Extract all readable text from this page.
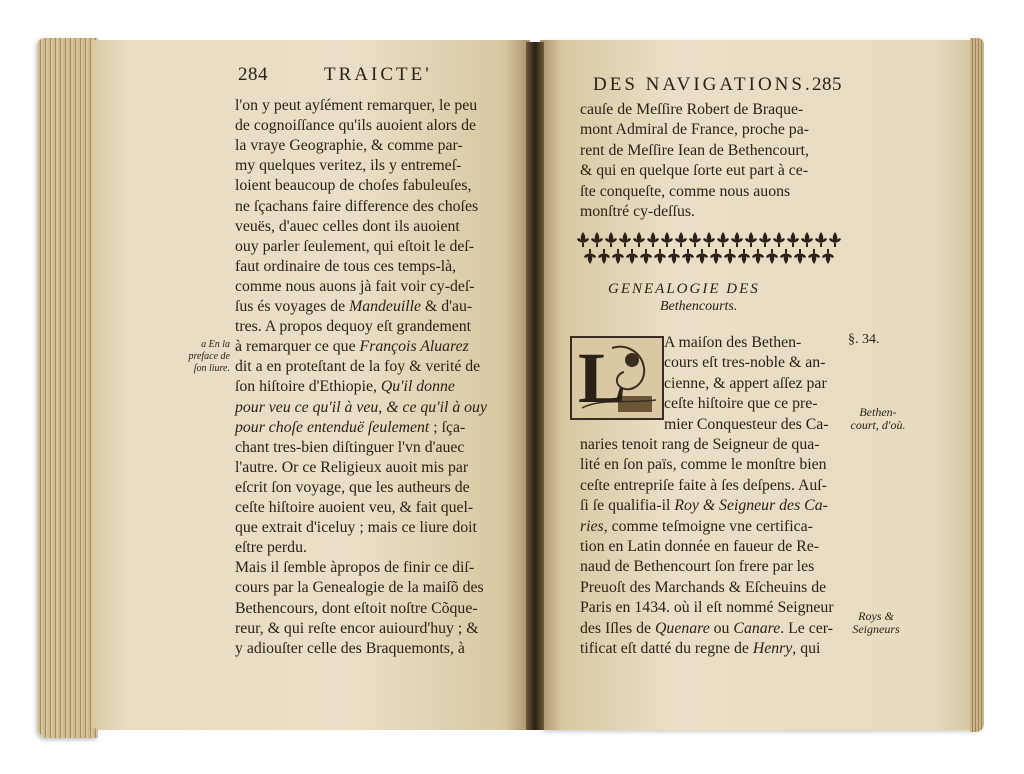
284	TRAICTE'
l'on y peut ayſément remarquer, le peu
de cognoiſſance qu'ils auoient alors de
la vraye Geographie, & comme par-
my quelques veritez, ils y entremeſ-
loient beaucoup de choſes fabuleuſes,
ne ſçachans faire difference des choſes
veuës, d'auec celles dont ils auoient
ouy parler ſeulement, qui eſtoit le deſ-
faut ordinaire de tous ces temps-là,
comme nous auons jà fait voir cy-deſ-
ſus és voyages de Mandeuille & d'au-
tres. A propos dequoy eſt grandement
à remarquer ce que François Aluarez
dit a en proteſtant de la foy & verité de
ſon hiſtoire d'Ethiopie, Qu'il donne
pour veu ce qu'il à veu, & ce qu'il à ouy
pour choſe entenduë ſeulement ; ſça-
chant tres-bien diſtinguer l'vn d'auec
l'autre. Or ce Religieux auoit mis par
eſcrit ſon voyage, que les autheurs de
ceſte hiſtoire auoient veu, & fait quel-
que extrait d'iceluy ; mais ce liure doit
eſtre perdu.
Mais il ſemble àpropos de finir ce diſ-
cours par la Genealogie de la maiſõ des
Bethencours, dont eſtoit noſtre Cõque-
reur, & qui reſte encor auiourd'huy ; &
y adiouſter celle des Braquemonts, à
a En la
preface de
ſon liure.
DES NAVIGATIONS. 285
cauſe de Meſſire Robert de Braque-
mont Admiral de France, proche pa-
rent de Meſſire Iean de Bethencourt,
& qui en quelque ſorte eut part à ce-
ſte conqueſte, comme nous auons
monſtré cy-deſſus.
GENEALOGIE DES
Bethencourts.
L A maiſon des Bethen-
cours eſt tres-noble & an-
cienne, & appert aſſez par
ceſte hiſtoire que ce pre-
mier Conquesteur des Ca-
naries tenoit rang de Seigneur de qua-
lité en ſon païs, comme le monſtre bien
ceſte entrepriſe faite à ſes deſpens. Auſ-
ſi ſe qualifia-il Roy & Seigneur des Ca-
ries, comme teſmoigne vne certifica-
tion en Latin donnée en faueur de Re-
naud de Bethencourt ſon frere par les
Preuoſt des Marchands & Eſcheuins de
Paris en 1434. où il eſt nommé Seigneur
des Iſles de Quenare ou Canare. Le cer-
tificat eſt datté du regne de Henry, qui
§. 34.
Bethen-
court, d'où.
Roys &
Seigneurs
